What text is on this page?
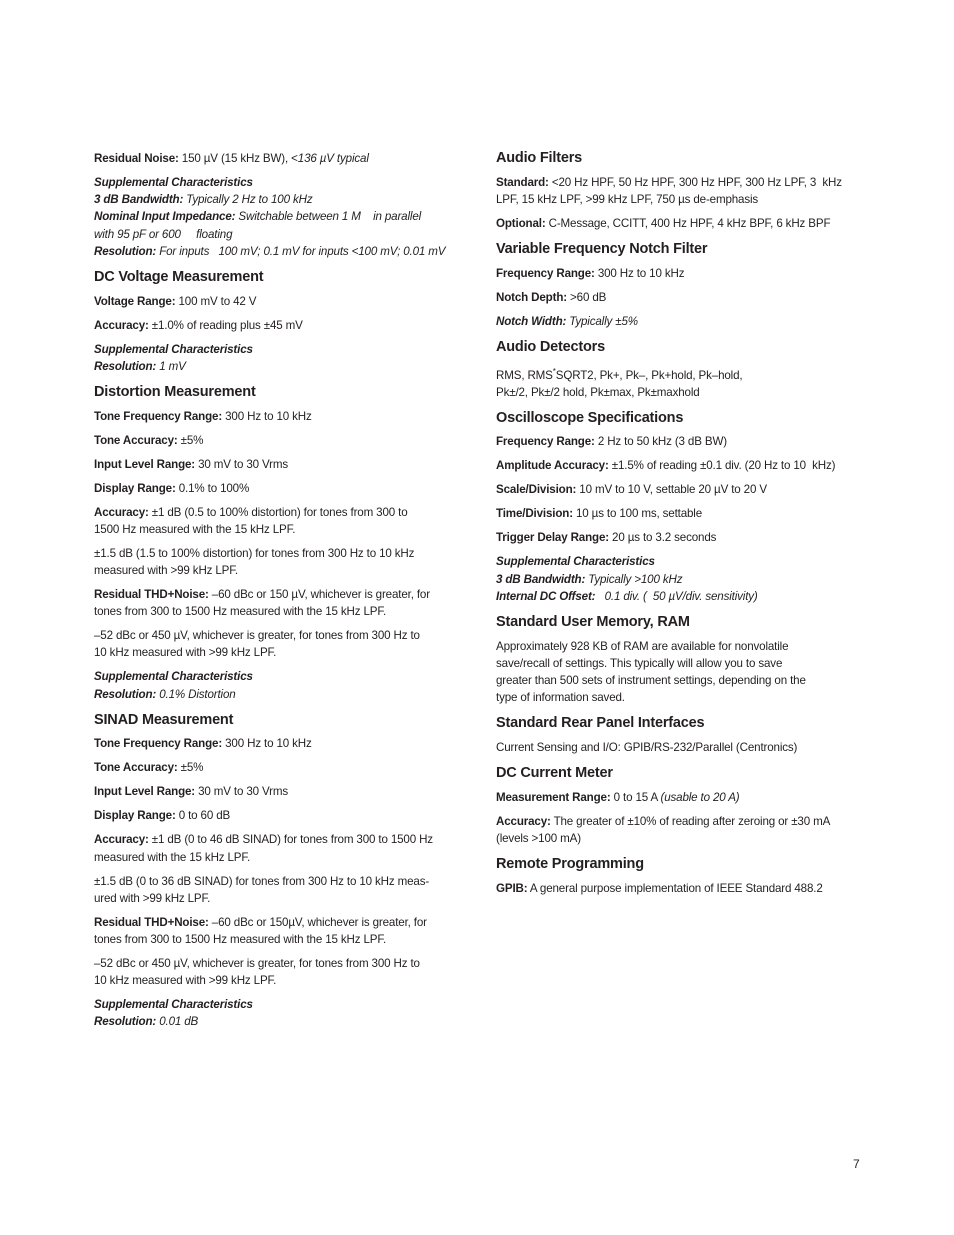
Residual Noise: 150 µV (15 kHz BW), <136 µV typical

Supplemental Characteristics
3 dB Bandwidth: Typically 2 Hz to 100 kHz
Nominal Input Impedance: Switchable between 1 M    in parallel
with 95 pF or 600     floating
Resolution: For inputs   100 mV; 0.1 mV for inputs <100 mV; 0.01 mV

DC Voltage Measurement

Voltage Range: 100 mV to 42 V

Accuracy: ±1.0% of reading plus ±45 mV

Supplemental Characteristics
Resolution: 1 mV

Distortion Measurement

Tone Frequency Range: 300 Hz to 10 kHz

Tone Accuracy: ±5%

Input Level Range: 30 mV to 30 Vrms

Display Range: 0.1% to 100%

Accuracy: ±1 dB (0.5 to 100% distortion) for tones from 300 to
1500 Hz measured with the 15 kHz LPF.

±1.5 dB (1.5 to 100% distortion) for tones from 300 Hz to 10 kHz
measured with >99 kHz LPF.

Residual THD+Noise: –60 dBc or 150 µV, whichever is greater, for
tones from 300 to 1500 Hz measured with the 15 kHz LPF.

–52 dBc or 450 µV, whichever is greater, for tones from 300 Hz to
10 kHz measured with >99 kHz LPF.

Supplemental Characteristics
Resolution: 0.1% Distortion

SINAD Measurement

Tone Frequency Range: 300 Hz to 10 kHz

Tone Accuracy: ±5%

Input Level Range: 30 mV to 30 Vrms

Display Range: 0 to 60 dB

Accuracy: ±1 dB (0 to 46 dB SINAD) for tones from 300 to 1500 Hz
measured with the 15 kHz LPF.

±1.5 dB (0 to 36 dB SINAD) for tones from 300 Hz to 10 kHz meas-
ured with >99 kHz LPF.

Residual THD+Noise: –60 dBc or 150µV, whichever is greater, for
tones from 300 to 1500 Hz measured with the 15 kHz LPF.

–52 dBc or 450 µV, whichever is greater, for tones from 300 Hz to
10 kHz measured with >99 kHz LPF.

Supplemental Characteristics
Resolution: 0.01 dB

Audio Filters

Standard: <20 Hz HPF, 50 Hz HPF, 300 Hz HPF, 300 Hz LPF, 3  kHz
LPF, 15 kHz LPF, >99 kHz LPF, 750 µs de-emphasis

Optional: C-Message, CCITT, 400 Hz HPF, 4 kHz BPF, 6 kHz BPF

Variable Frequency Notch Filter

Frequency Range: 300 Hz to 10 kHz

Notch Depth: >60 dB

Notch Width: Typically ±5%

Audio Detectors

RMS, RMS*SQRT2, Pk+, Pk–, Pk+hold, Pk–hold,
Pk±/2, Pk±/2 hold, Pk±max, Pk±maxhold

Oscilloscope Specifications

Frequency Range: 2 Hz to 50 kHz (3 dB BW)

Amplitude Accuracy: ±1.5% of reading ±0.1 div. (20 Hz to 10  kHz)

Scale/Division: 10 mV to 10 V, settable 20 µV to 20 V

Time/Division: 10 µs to 100 ms, settable

Trigger Delay Range: 20 µs to 3.2 seconds

Supplemental Characteristics
3 dB Bandwidth: Typically >100 kHz
Internal DC Offset:   0.1 div. (  50 µV/div. sensitivity)

Standard User Memory, RAM

Approximately 928 KB of RAM are available for nonvolatile
save/recall of settings. This typically will allow you to save
greater than 500 sets of instrument settings, depending on the
type of information saved.

Standard Rear Panel Interfaces

Current Sensing and I/O: GPIB/RS-232/Parallel (Centronics)

DC Current Meter

Measurement Range: 0 to 15 A (usable to 20 A)

Accuracy: The greater of ±10% of reading after zeroing or ±30 mA
(levels >100 mA)

Remote Programming

GPIB: A general purpose implementation of IEEE Standard 488.2

7
